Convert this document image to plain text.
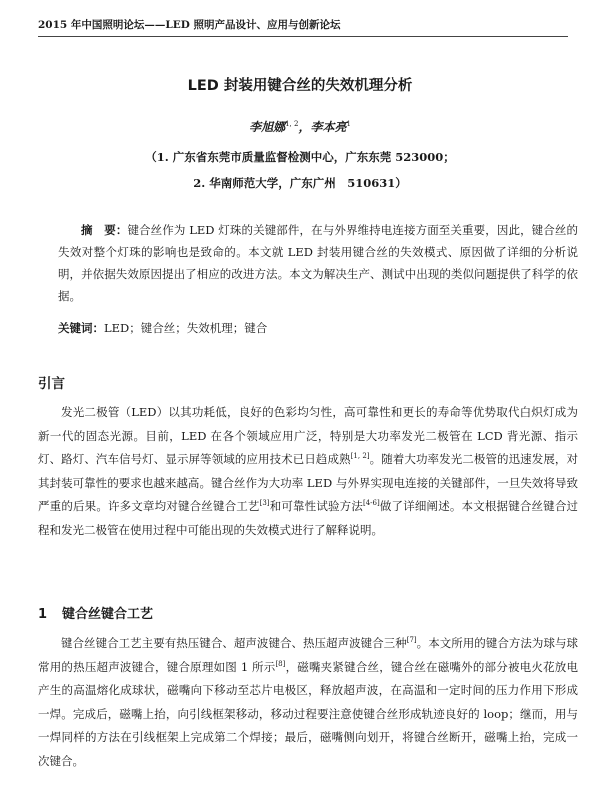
2015 年中国照明论坛——LED 照明产品设计、应用与创新论坛
LED 封装用键合丝的失效机理分析
李旭娜$^{1, 2}$，李本亮$^1$
（1. 广东省东莞市质量监督检测中心，广东东莞 523000；
2. 华南师范大学，广东广州　510631）

摘　要：键合丝作为 LED 灯珠的关键部件，在与外界维持电连接方面至关重要，因此，键合丝的失效对整个灯珠的影响也是致命的。本文就 LED 封装用键合丝的失效模式、原因做了详细的分析说明，并依据失效原因提出了相应的改进方法。本文为解决生产、测试中出现的类似问题提供了科学的依据。

关键词：LED；键合丝；失效机理；键合

引言

发光二极管（LED）以其功耗低，良好的色彩均匀性，高可靠性和更长的寿命等优势取代白炽灯成为新一代的固态光源。目前，LED 在各个领域应用广泛，特别是大功率发光二极管在 LCD 背光源、指示灯、路灯、汽车信号灯、显示屏等领域的应用技术已日趋成熟[1, 2]。随着大功率发光二极管的迅速发展，对其封装可靠性的要求也越来越高。键合丝作为大功率 LED 与外界实现电连接的关键部件，一旦失效将导致严重的后果。许多文章均对键合丝键合工艺[3]和可靠性试验方法[4-6]做了详细阐述。本文根据键合丝键合过程和发光二极管在使用过程中可能出现的失效模式进行了解释说明。

1 键合丝键合工艺

键合丝键合工艺主要有热压键合、超声波键合、热压超声波键合三种[7]。本文所用的键合方法为球与球常用的热压超声波键合，键合原理如图 1 所示[8]，磁嘴夹紧键合丝，键合丝在磁嘴外的部分被电火花放电产生的高温熔化成球状，磁嘴向下移动至芯片电极区，释放超声波，在高温和一定时间的压力作用下形成一焊。完成后，磁嘴上抬，向引线框架移动，移动过程要注意使键合丝形成轨迹良好的 loop；继而，用与一焊同样的方法在引线框架上完成第二个焊接；最后，磁嘴侧向划开，将键合丝断开，磁嘴上抬，完成一次键合。
